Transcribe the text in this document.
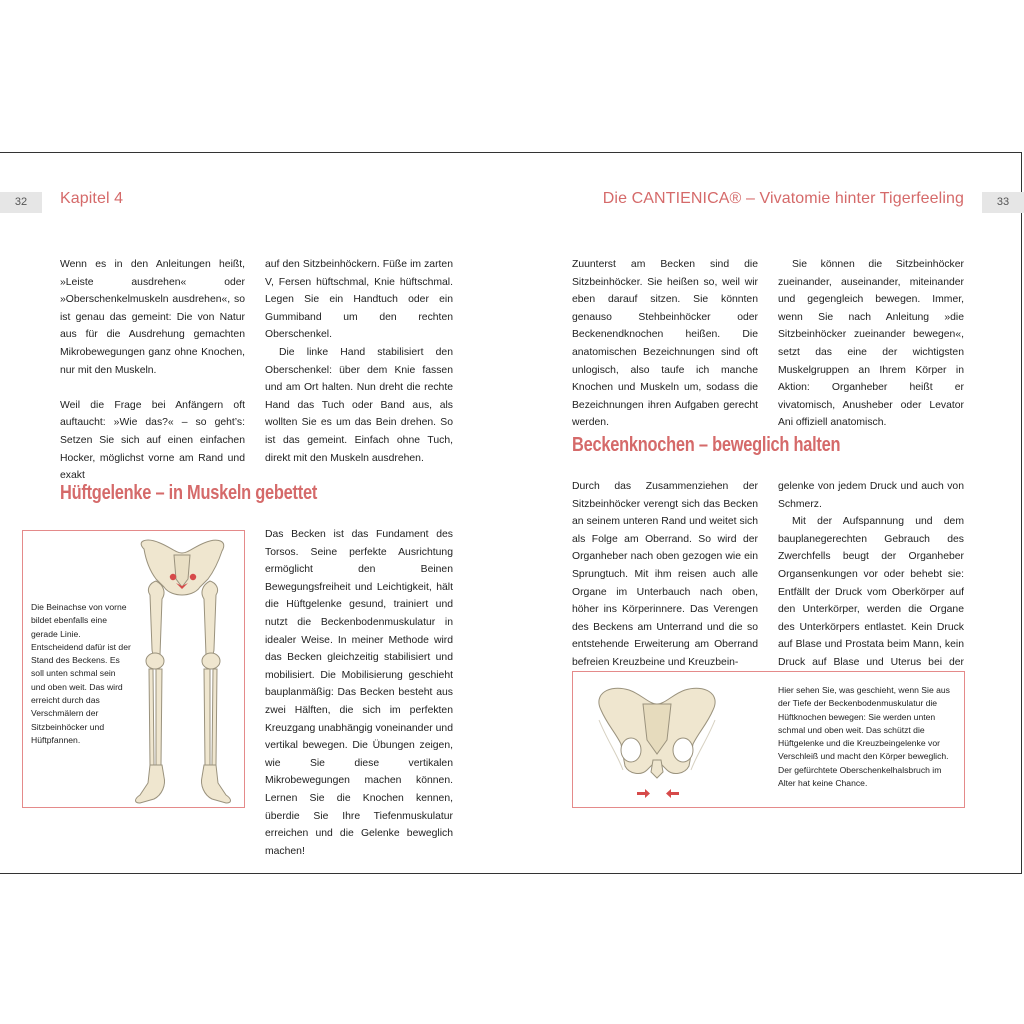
32	Kapitel 4

Wenn es in den Anleitungen heißt, »Leiste ausdrehen« oder »Oberschenkelmuskeln ausdrehen«, so ist genau das gemeint: Die von Natur aus für die Ausdrehung gemachten Mikrobewegungen ganz ohne Knochen, nur mit den Muskeln.

Weil die Frage bei Anfängern oft auftaucht: »Wie das?« – so geht’s: Setzen Sie sich auf einen einfachen Hocker, möglichst vorne am Rand und exakt

auf den Sitzbeinhöckern. Füße im zarten V, Fersen hüftschmal, Knie hüftschmal. Legen Sie ein Handtuch oder ein Gummiband um den rechten Oberschenkel.

Die linke Hand stabilisiert den Oberschenkel: über dem Knie fassen und am Ort halten. Nun dreht die rechte Hand das Tuch oder Band aus, als wollten Sie es um das Bein drehen. So ist das gemeint. Einfach ohne Tuch, direkt mit den Muskeln ausdrehen.

Hüftgelenke – in Muskeln gebettet

Die Beinachse von vorne bildet ebenfalls eine gerade Linie. Entscheidend dafür ist der Stand des Beckens. Es soll unten schmal sein und oben weit. Das wird erreicht durch das Verschmälern der Sitzbeinhöcker und Hüftpfannen.

Das Becken ist das Fundament des Torsos. Seine perfekte Ausrichtung ermöglicht den Beinen Bewegungsfreiheit und Leichtigkeit, hält die Hüftgelenke gesund, trainiert und nutzt die Beckenbodenmuskulatur in idealer Weise. In meiner Methode wird das Becken gleichzeitig stabilisiert und mobilisiert. Die Mobilisierung geschieht bauplanmäßig: Das Becken besteht aus zwei Hälften, die sich im perfekten Kreuzgang unabhängig voneinander und vertikal bewegen. Die Übungen zeigen, wie Sie diese vertikalen Mikrobewegungen machen können. Lernen Sie die Knochen kennen, überdie Sie Ihre Tiefenmuskulatur erreichen und die Gelenke beweglich machen!

33
Die CANTIENICA® – Vivatomie hinter Tigerfeeling

Zuunterst am Becken sind die Sitzbeinhöcker. Sie heißen so, weil wir eben darauf sitzen. Sie könnten genauso Stehbeinhöcker oder Beckenendknochen heißen. Die anatomischen Bezeichnungen sind oft unlogisch, also taufe ich manche Knochen und Muskeln um, sodass die Bezeichnungen ihren Aufgaben gerecht werden.

Sie können die Sitzbeinhöcker zueinander, auseinander, miteinander und gegengleich bewegen. Immer, wenn Sie nach Anleitung »die Sitzbeinhöcker zueinander bewegen«, setzt das eine der wichtigsten Muskelgruppen an Ihrem Körper in Aktion: Organheber heißt er vivatomisch, Anusheber oder Levator Ani offiziell anatomisch.

Beckenknochen – beweglich halten

Durch das Zusammenziehen der Sitzbeinhöcker verengt sich das Becken an seinem unteren Rand und weitet sich als Folge am Oberrand. So wird der Organheber nach oben gezogen wie ein Sprungtuch. Mit ihm reisen auch alle Organe im Unterbauch nach oben, höher ins Körperinnere. Das Verengen des Beckens am Unterrand und die so entstehende Erweiterung am Oberrand befreien Kreuzbeine und Kreuzbein-

gelenke von jedem Druck und auch von Schmerz.

Mit der Aufspannung und dem bauplanegerechten Gebrauch des Zwerchfells beugt der Organheber Organsenkungen vor oder behebt sie: Entfällt der Druck vom Oberkörper auf den Unterkörper, werden die Organe des Unterkörpers entlastet. Kein Druck auf Blase und Prostata beim Mann, kein Druck auf Blase und Uterus bei der

Hier sehen Sie, was geschieht, wenn Sie aus der Tiefe der Beckenbodenmuskulatur die Hüftknochen bewegen: Sie werden unten schmal und oben weit. Das schützt die Hüftgelenke und die Kreuzbeingelenke vor Verschleiß und macht den Körper beweglich. Der gefürchtete Oberschenkelhalsbruch im Alter hat keine Chance.
